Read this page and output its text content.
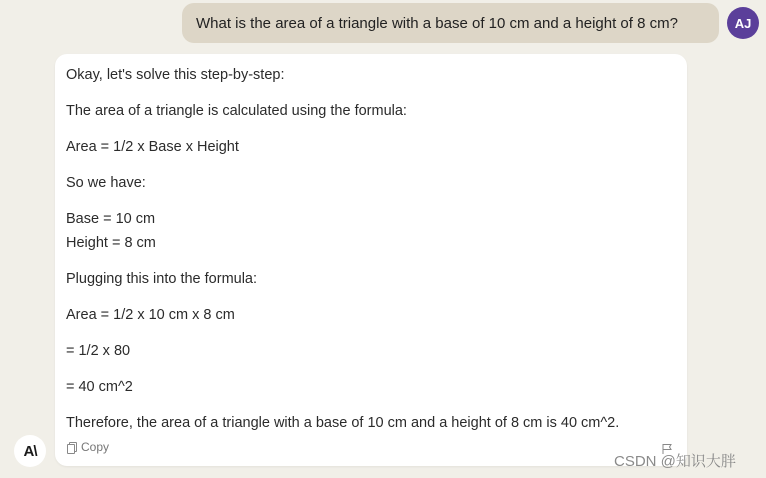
What is the area of a triangle with a base of 10 cm and a height of 8 cm?	AJ
Okay, let's solve this step-by-step:
The area of a triangle is calculated using the formula:
Area = 1/2 x Base x Height
So we have:
Base = 10 cm
Height = 8 cm
Plugging this into the formula:
Area = 1/2 x 10 cm x 8 cm
= 1/2 x 80
= 40 cm^2
Therefore, the area of a triangle with a base of 10 cm and a height of 8 cm is 40 cm^2.
Copy
A\
CSDN @知识大胖
